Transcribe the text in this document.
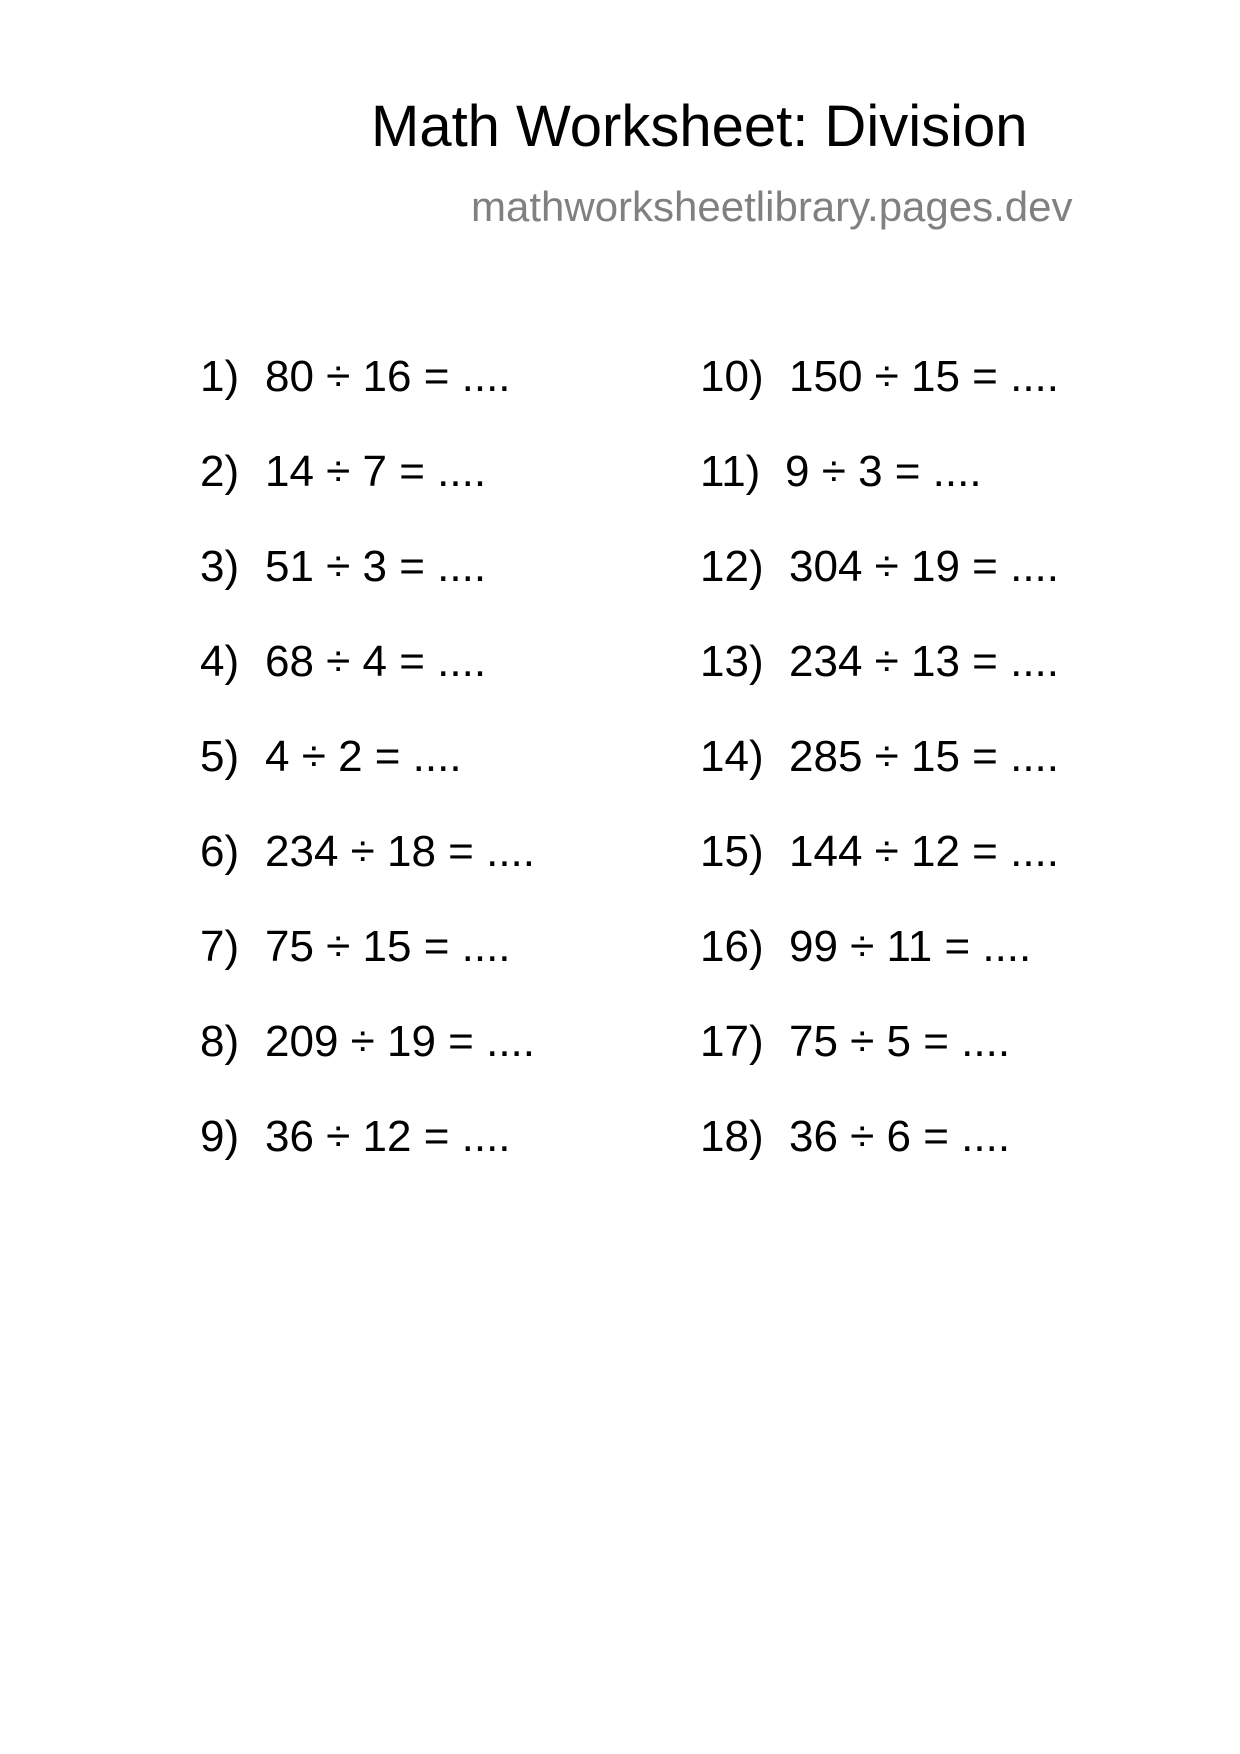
Math Worksheet: Division
mathworksheetlibrary.pages.dev
1) 80 ÷ 16 = ....
2) 14 ÷ 7 = ....
3) 51 ÷ 3 = ....
4) 68 ÷ 4 = ....
5) 4 ÷ 2 = ....
6) 234 ÷ 18 = ....
7) 75 ÷ 15 = ....
8) 209 ÷ 19 = ....
9) 36 ÷ 12 = ....
10) 150 ÷ 15 = ....
11) 9 ÷ 3 = ....
12) 304 ÷ 19 = ....
13) 234 ÷ 13 = ....
14) 285 ÷ 15 = ....
15) 144 ÷ 12 = ....
16) 99 ÷ 11 = ....
17) 75 ÷ 5 = ....
18) 36 ÷ 6 = ....
